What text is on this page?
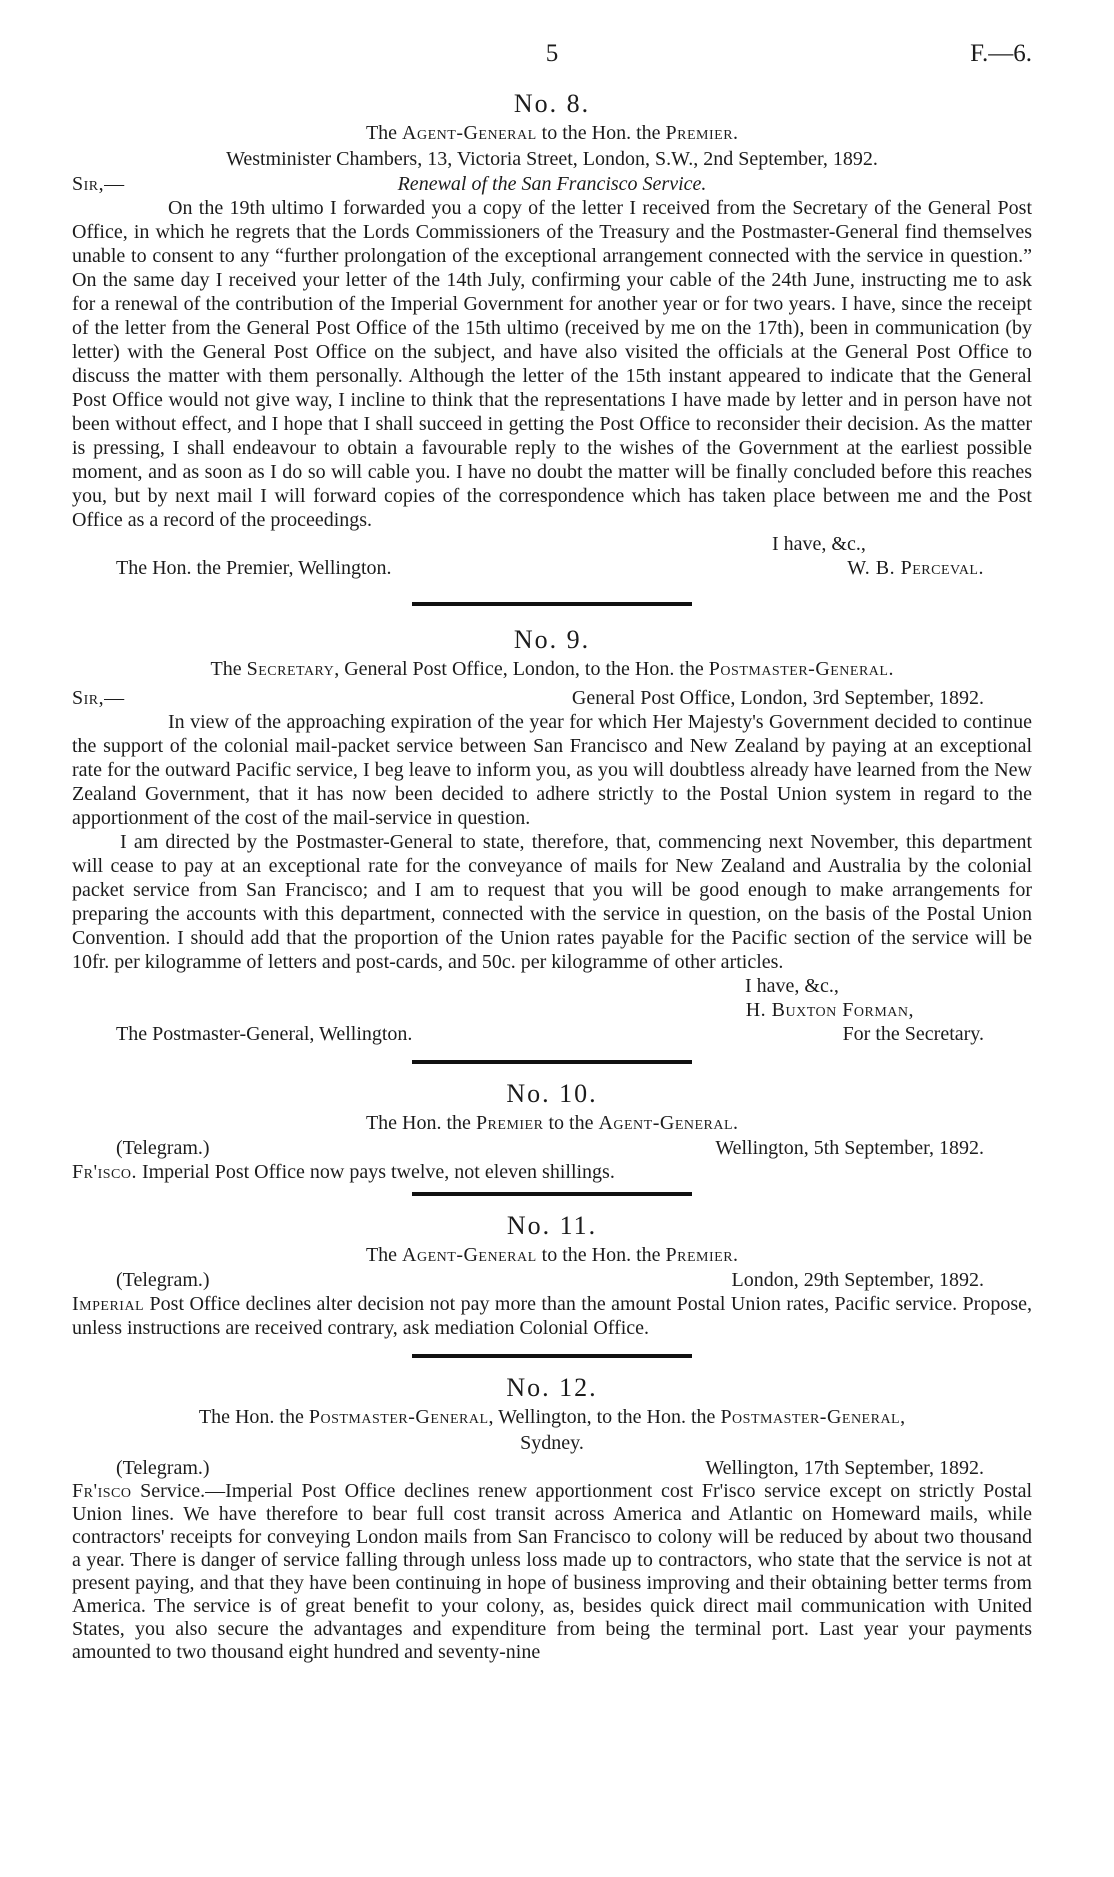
5	F.—6.
No. 8.
The Agent-General to the Hon. the Premier.
Westminister Chambers, 13, Victoria Street, London, S.W., 2nd September, 1892.
Sir,—	Renewal of the San Francisco Service.

On the 19th ultimo I forwarded you a copy of the letter I received from the Secretary of the General Post Office, in which he regrets that the Lords Commissioners of the Treasury and the Postmaster-General find themselves unable to consent to any “further prolongation of the exceptional arrangement connected with the service in question.” On the same day I received your letter of the 14th July, confirming your cable of the 24th June, instructing me to ask for a renewal of the contribution of the Imperial Government for another year or for two years. I have, since the receipt of the letter from the General Post Office of the 15th ultimo (received by me on the 17th), been in communication (by letter) with the General Post Office on the subject, and have also visited the officials at the General Post Office to discuss the matter with them personally. Although the letter of the 15th instant appeared to indicate that the General Post Office would not give way, I incline to think that the representations I have made by letter and in person have not been without effect, and I hope that I shall succeed in getting the Post Office to reconsider their decision. As the matter is pressing, I shall endeavour to obtain a favourable reply to the wishes of the Government at the earliest possible moment, and as soon as I do so will cable you. I have no doubt the matter will be finally concluded before this reaches you, but by next mail I will forward copies of the correspondence which has taken place between me and the Post Office as a record of the proceedings.

I have, &c.,
The Hon. the Premier, Wellington.	W. B. Perceval.
No. 9.
The Secretary, General Post Office, London, to the Hon. the Postmaster-General.
Sir,—	General Post Office, London, 3rd September, 1892.

In view of the approaching expiration of the year for which Her Majesty's Government decided to continue the support of the colonial mail-packet service between San Francisco and New Zealand by paying at an exceptional rate for the outward Pacific service, I beg leave to inform you, as you will doubtless already have learned from the New Zealand Government, that it has now been decided to adhere strictly to the Postal Union system in regard to the apportionment of the cost of the mail-service in question.

I am directed by the Postmaster-General to state, therefore, that, commencing next November, this department will cease to pay at an exceptional rate for the conveyance of mails for New Zealand and Australia by the colonial packet service from San Francisco; and I am to request that you will be good enough to make arrangements for preparing the accounts with this department, connected with the service in question, on the basis of the Postal Union Convention. I should add that the proportion of the Union rates payable for the Pacific section of the service will be 10fr. per kilogramme of letters and post-cards, and 50c. per kilogramme of other articles.

I have, &c.,
H. Buxton Forman,
The Postmaster-General, Wellington.	For the Secretary.
No. 10.
The Hon. the Premier to the Agent-General.
(Telegram.)	Wellington, 5th September, 1892.

Fr'isco. Imperial Post Office now pays twelve, not eleven shillings.

No. 11.
The Agent-General to the Hon. the Premier.
(Telegram.)	London, 29th September, 1892.

Imperial Post Office declines alter decision not pay more than the amount Postal Union rates, Pacific service. Propose, unless instructions are received contrary, ask mediation Colonial Office.

No. 12.
The Hon. the Postmaster-General, Wellington, to the Hon. the Postmaster-General,
Sydney.
(Telegram.)	Wellington, 17th September, 1892.

Fr'isco Service.—Imperial Post Office declines renew apportionment cost Fr'isco service except on strictly Postal Union lines. We have therefore to bear full cost transit across America and Atlantic on Homeward mails, while contractors' receipts for conveying London mails from San Francisco to colony will be reduced by about two thousand a year. There is danger of service falling through unless loss made up to contractors, who state that the service is not at present paying, and that they have been continuing in hope of business improving and their obtaining better terms from America. The service is of great benefit to your colony, as, besides quick direct mail communication with United States, you also secure the advantages and expenditure from being the terminal port. Last year your payments amounted to two thousand eight hundred and seventy-nine
